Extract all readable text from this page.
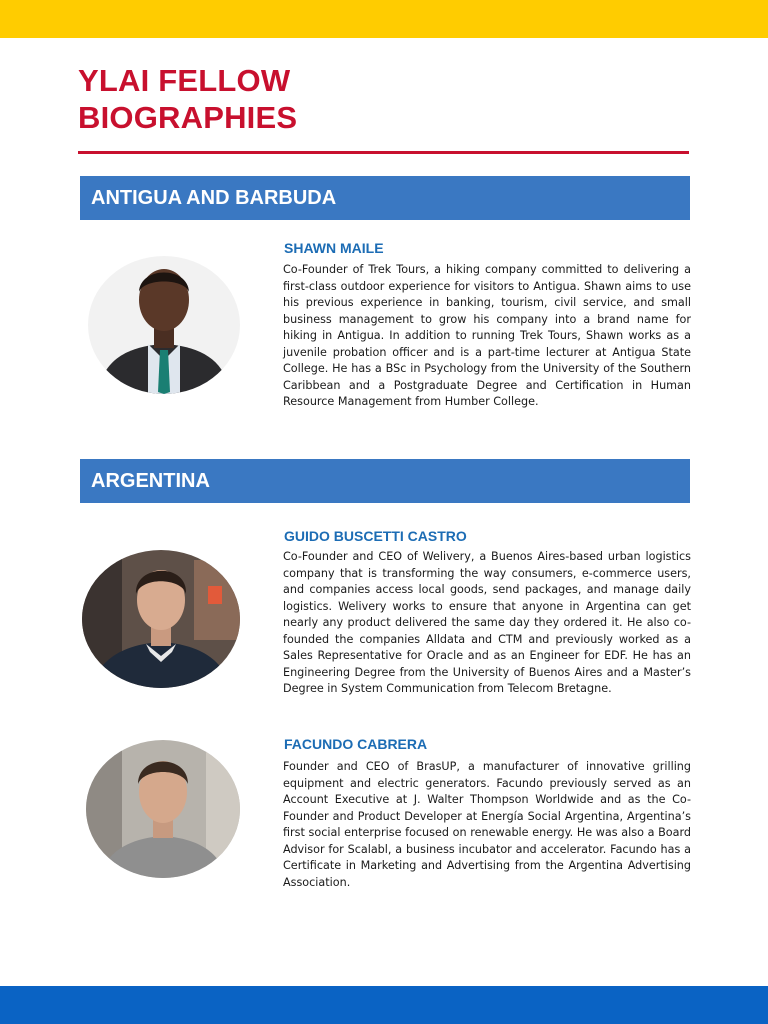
YLAI FELLOW
BIOGRAPHIES
ANTIGUA AND BARBUDA

SHAWN MAILE

Co-Founder of Trek Tours, a hiking company committed to delivering a first-class outdoor experience for visitors to Antigua. Shawn aims to use his previous experience in banking, tourism, civil service, and small business management to grow his company into a brand name for hiking in Antigua. In addition to running Trek Tours, Shawn works as a juvenile probation officer and is a part-time lecturer at Antigua State College. He has a BSc in Psychology from the University of the Southern Caribbean and a Postgraduate Degree and Certification in Human Resource Management from Humber College.

ARGENTINA

GUIDO BUSCETTI CASTRO

Co-Founder and CEO of Welivery, a Buenos Aires-based urban logistics company that is transforming the way consumers, e-commerce users, and companies access local goods, send packages, and manage daily logistics. Welivery works to ensure that anyone in Argentina can get nearly any product delivered the same day they ordered it. He also co-founded the companies Alldata and CTM and previously worked as a Sales Representative for Oracle and as an Engineer for EDF. He has an Engineering Degree from the University of Buenos Aires and a Master’s Degree in System Communication from Telecom Bretagne.

FACUNDO CABRERA

Founder and CEO of BrasUP, a manufacturer of innovative grilling equipment and electric generators. Facundo previously served as an Account Executive at J. Walter Thompson Worldwide and as the Co-Founder and Product Developer at Energía Social Argentina, Argentina’s first social enterprise focused on renewable energy. He was also a Board Advisor for Scalabl, a business incubator and accelerator. Facundo has a Certificate in Marketing and Advertising from the Argentina Advertising Association.
